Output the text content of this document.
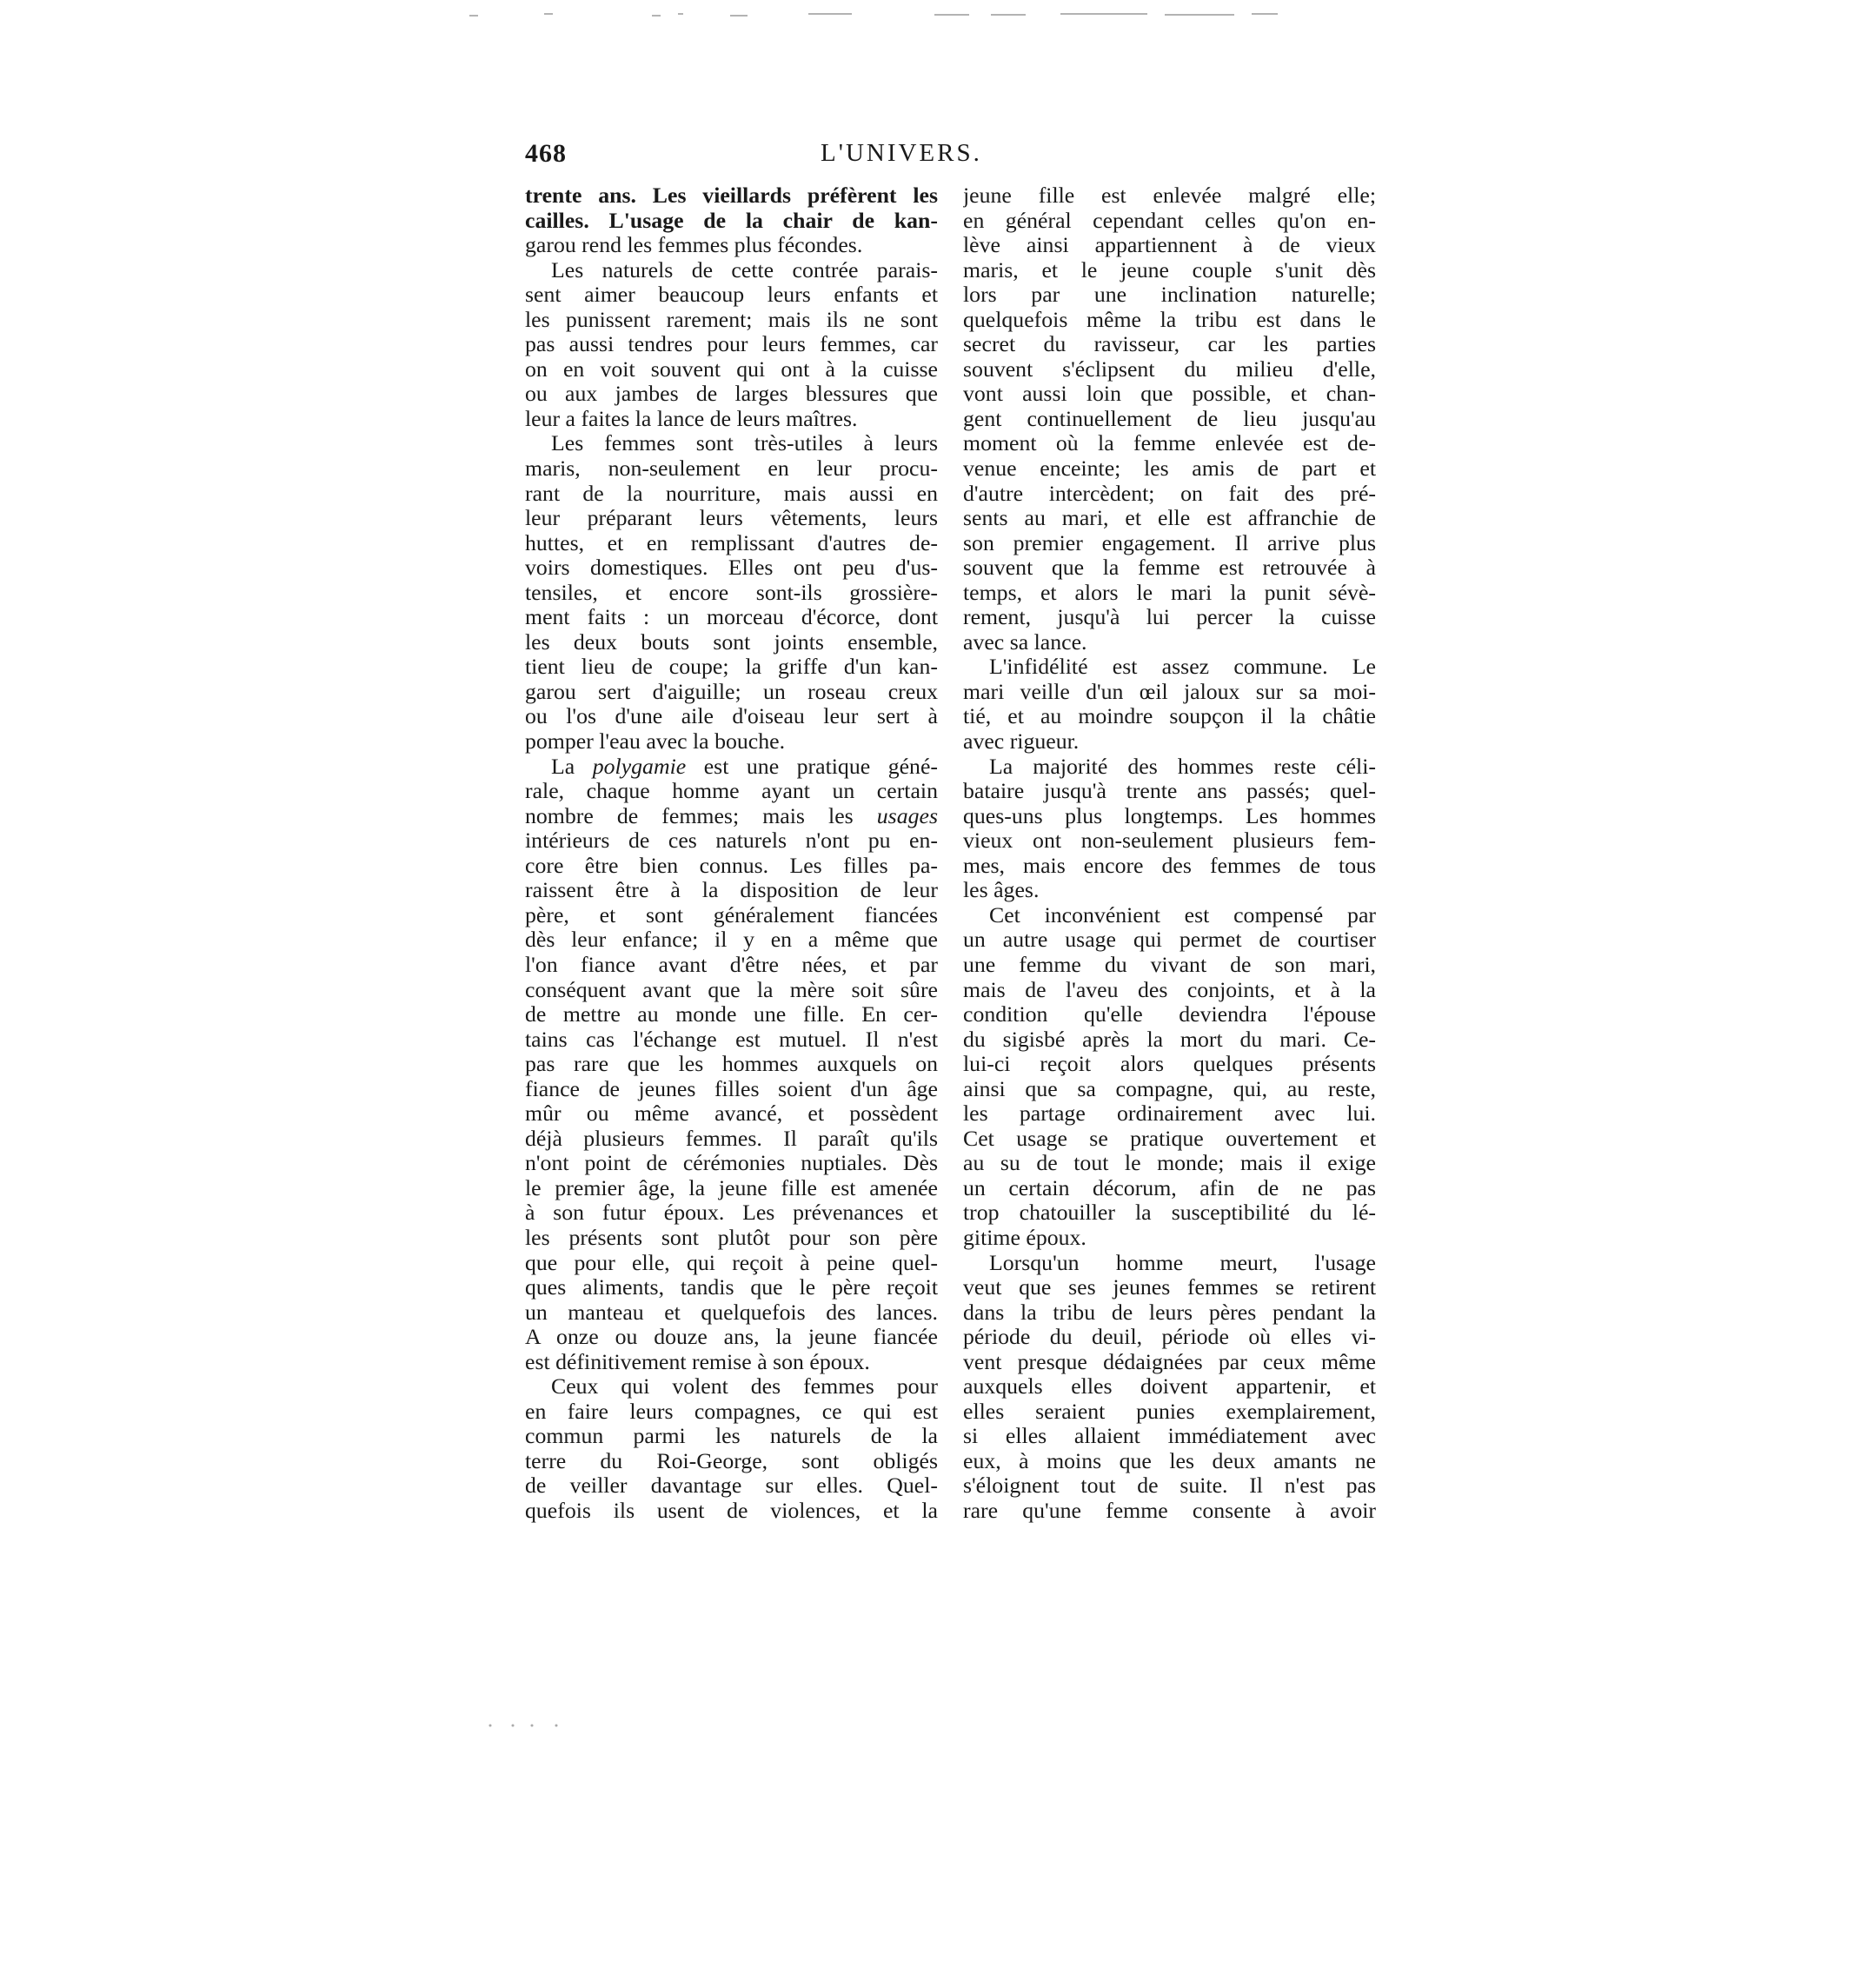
468	L'UNIVERS.
trente ans. Les vieillards préfèrent les
cailles. L'usage de la chair de kan-
garou rend les femmes plus fécondes.
Les naturels de cette contrée parais-
sent aimer beaucoup leurs enfants et
les punissent rarement; mais ils ne sont
pas aussi tendres pour leurs femmes, car
on en voit souvent qui ont à la cuisse
ou aux jambes de larges blessures que
leur a faites la lance de leurs maîtres.
Les femmes sont très-utiles à leurs
maris, non-seulement en leur procu-
rant de la nourriture, mais aussi en
leur préparant leurs vêtements, leurs
huttes, et en remplissant d'autres de-
voirs domestiques. Elles ont peu d'us-
tensiles, et encore sont-ils grossière-
ment faits : un morceau d'écorce, dont
les deux bouts sont joints ensemble,
tient lieu de coupe; la griffe d'un kan-
garou sert d'aiguille; un roseau creux
ou l'os d'une aile d'oiseau leur sert à
pomper l'eau avec la bouche.
La polygamie est une pratique géné-
rale, chaque homme ayant un certain
nombre de femmes; mais les usages
intérieurs de ces naturels n'ont pu en-
core être bien connus. Les filles pa-
raissent être à la disposition de leur
père, et sont généralement fiancées
dès leur enfance; il y en a même que
l'on fiance avant d'être nées, et par
conséquent avant que la mère soit sûre
de mettre au monde une fille. En cer-
tains cas l'échange est mutuel. Il n'est
pas rare que les hommes auxquels on
fiance de jeunes filles soient d'un âge
mûr ou même avancé, et possèdent
déjà plusieurs femmes. Il paraît qu'ils
n'ont point de cérémonies nuptiales. Dès
le premier âge, la jeune fille est amenée
à son futur époux. Les prévenances et
les présents sont plutôt pour son père
que pour elle, qui reçoit à peine quel-
ques aliments, tandis que le père reçoit
un manteau et quelquefois des lances.
A onze ou douze ans, la jeune fiancée
est définitivement remise à son époux.
Ceux qui volent des femmes pour
en faire leurs compagnes, ce qui est
commun parmi les naturels de la
terre du Roi-George, sont obligés
de veiller davantage sur elles. Quel-
quefois ils usent de violences, et la
jeune fille est enlevée malgré elle;
en général cependant celles qu'on en-
lève ainsi appartiennent à de vieux
maris, et le jeune couple s'unit dès
lors par une inclination naturelle;
quelquefois même la tribu est dans le
secret du ravisseur, car les parties
souvent s'éclipsent du milieu d'elle,
vont aussi loin que possible, et chan-
gent continuellement de lieu jusqu'au
moment où la femme enlevée est de-
venue enceinte; les amis de part et
d'autre intercèdent; on fait des pré-
sents au mari, et elle est affranchie de
son premier engagement. Il arrive plus
souvent que la femme est retrouvée à
temps, et alors le mari la punit sévè-
rement, jusqu'à lui percer la cuisse
avec sa lance.
L'infidélité est assez commune. Le
mari veille d'un œil jaloux sur sa moi-
tié, et au moindre soupçon il la châtie
avec rigueur.
La majorité des hommes reste céli-
bataire jusqu'à trente ans passés; quel-
ques-uns plus longtemps. Les hommes
vieux ont non-seulement plusieurs fem-
mes, mais encore des femmes de tous
les âges.
Cet inconvénient est compensé par
un autre usage qui permet de courtiser
une femme du vivant de son mari,
mais de l'aveu des conjoints, et à la
condition qu'elle deviendra l'épouse
du sigisbé après la mort du mari. Ce-
lui-ci reçoit alors quelques présents
ainsi que sa compagne, qui, au reste,
les partage ordinairement avec lui.
Cet usage se pratique ouvertement et
au su de tout le monde; mais il exige
un certain décorum, afin de ne pas
trop chatouiller la susceptibilité du lé-
gitime époux.
Lorsqu'un homme meurt, l'usage
veut que ses jeunes femmes se retirent
dans la tribu de leurs pères pendant la
période du deuil, période où elles vi-
vent presque dédaignées par ceux même
auxquels elles doivent appartenir, et
elles seraient punies exemplairement,
si elles allaient immédiatement avec
eux, à moins que les deux amants ne
s'éloignent tout de suite. Il n'est pas
rare qu'une femme consente à avoir
